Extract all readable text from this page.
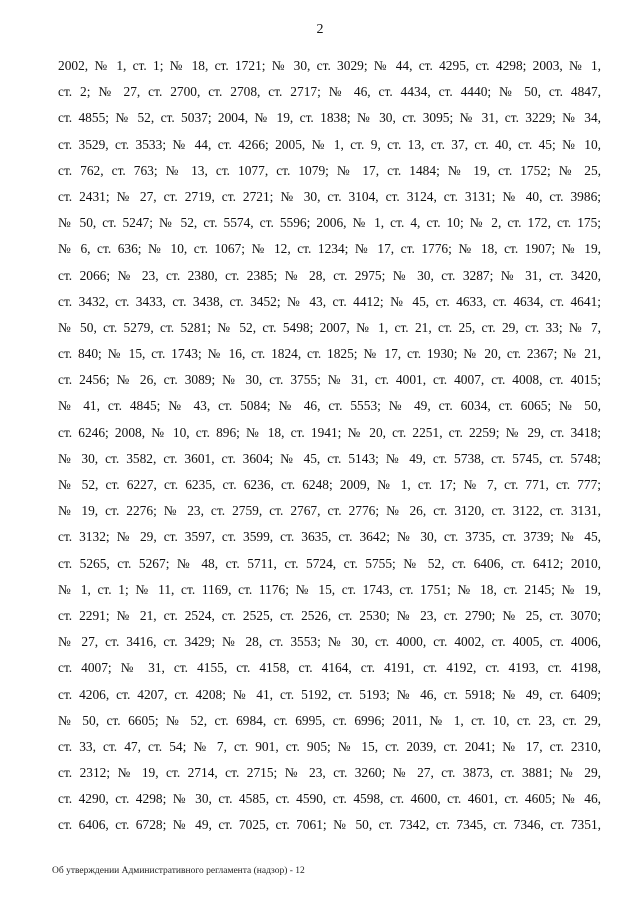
2
2002, № 1, ст. 1; № 18, ст. 1721; № 30, ст. 3029; № 44, ст. 4295, ст. 4298; 2003, № 1,
ст. 2; № 27, ст. 2700, ст. 2708, ст. 2717; № 46, ст. 4434, ст. 4440; № 50, ст. 4847,
ст. 4855; № 52, ст. 5037; 2004, № 19, ст. 1838; № 30, ст. 3095; № 31, ст. 3229; № 34,
ст. 3529, ст. 3533; № 44, ст. 4266; 2005, № 1, ст. 9, ст. 13, ст. 37, ст. 40, ст. 45; № 10,
ст. 762, ст. 763; № 13, ст. 1077, ст. 1079; № 17, ст. 1484; № 19, ст. 1752; № 25,
ст. 2431; № 27, ст. 2719, ст. 2721; № 30, ст. 3104, ст. 3124, ст. 3131; № 40, ст. 3986;
№ 50, ст. 5247; № 52, ст. 5574, ст. 5596; 2006, № 1, ст. 4, ст. 10; № 2, ст. 172, ст. 175;
№ 6, ст. 636; № 10, ст. 1067; № 12, ст. 1234; № 17, ст. 1776; № 18, ст. 1907; № 19,
ст. 2066; № 23, ст. 2380, ст. 2385; № 28, ст. 2975; № 30, ст. 3287; № 31, ст. 3420,
ст. 3432, ст. 3433, ст. 3438, ст. 3452; № 43, ст. 4412; № 45, ст. 4633, ст. 4634, ст. 4641;
№ 50, ст. 5279, ст. 5281; № 52, ст. 5498; 2007, № 1, ст. 21, ст. 25, ст. 29, ст. 33; № 7,
ст. 840; № 15, ст. 1743; № 16, ст. 1824, ст. 1825; № 17, ст. 1930; № 20, ст. 2367; № 21,
ст. 2456; № 26, ст. 3089; № 30, ст. 3755; № 31, ст. 4001, ст. 4007, ст. 4008, ст. 4015;
№ 41, ст. 4845; № 43, ст. 5084; № 46, ст. 5553; № 49, ст. 6034, ст. 6065; № 50,
ст. 6246; 2008, № 10, ст. 896; № 18, ст. 1941; № 20, ст. 2251, ст. 2259; № 29, ст. 3418;
№ 30, ст. 3582, ст. 3601, ст. 3604; № 45, ст. 5143; № 49, ст. 5738, ст. 5745, ст. 5748;
№ 52, ст. 6227, ст. 6235, ст. 6236, ст. 6248; 2009, № 1, ст. 17; № 7, ст. 771, ст. 777;
№ 19, ст. 2276; № 23, ст. 2759, ст. 2767, ст. 2776; № 26, ст. 3120, ст. 3122, ст. 3131,
ст. 3132; № 29, ст. 3597, ст. 3599, ст. 3635, ст. 3642; № 30, ст. 3735, ст. 3739; № 45,
ст. 5265, ст. 5267; № 48, ст. 5711, ст. 5724, ст. 5755; № 52, ст. 6406, ст. 6412; 2010,
№ 1, ст. 1; № 11, ст. 1169, ст. 1176; № 15, ст. 1743, ст. 1751; № 18, ст. 2145; № 19,
ст. 2291; № 21, ст. 2524, ст. 2525, ст. 2526, ст. 2530; № 23, ст. 2790; № 25, ст. 3070;
№ 27, ст. 3416, ст. 3429; № 28, ст. 3553; № 30, ст. 4000, ст. 4002, ст. 4005, ст. 4006,
ст. 4007; № 31, ст. 4155, ст. 4158, ст. 4164, ст. 4191, ст. 4192, ст. 4193, ст. 4198,
ст. 4206, ст. 4207, ст. 4208; № 41, ст. 5192, ст. 5193; № 46, ст. 5918; № 49, ст. 6409;
№ 50, ст. 6605; № 52, ст. 6984, ст. 6995, ст. 6996; 2011, № 1, ст. 10, ст. 23, ст. 29,
ст. 33, ст. 47, ст. 54; № 7, ст. 901, ст. 905; № 15, ст. 2039, ст. 2041; № 17, ст. 2310,
ст. 2312; № 19, ст. 2714, ст. 2715; № 23, ст. 3260; № 27, ст. 3873, ст. 3881; № 29,
ст. 4290, ст. 4298; № 30, ст. 4585, ст. 4590, ст. 4598, ст. 4600, ст. 4601, ст. 4605; № 46,
ст. 6406, ст. 6728; № 49, ст. 7025, ст. 7061; № 50, ст. 7342, ст. 7345, ст. 7346, ст. 7351,
Об утверждении Административного регламента (надзор) - 12
